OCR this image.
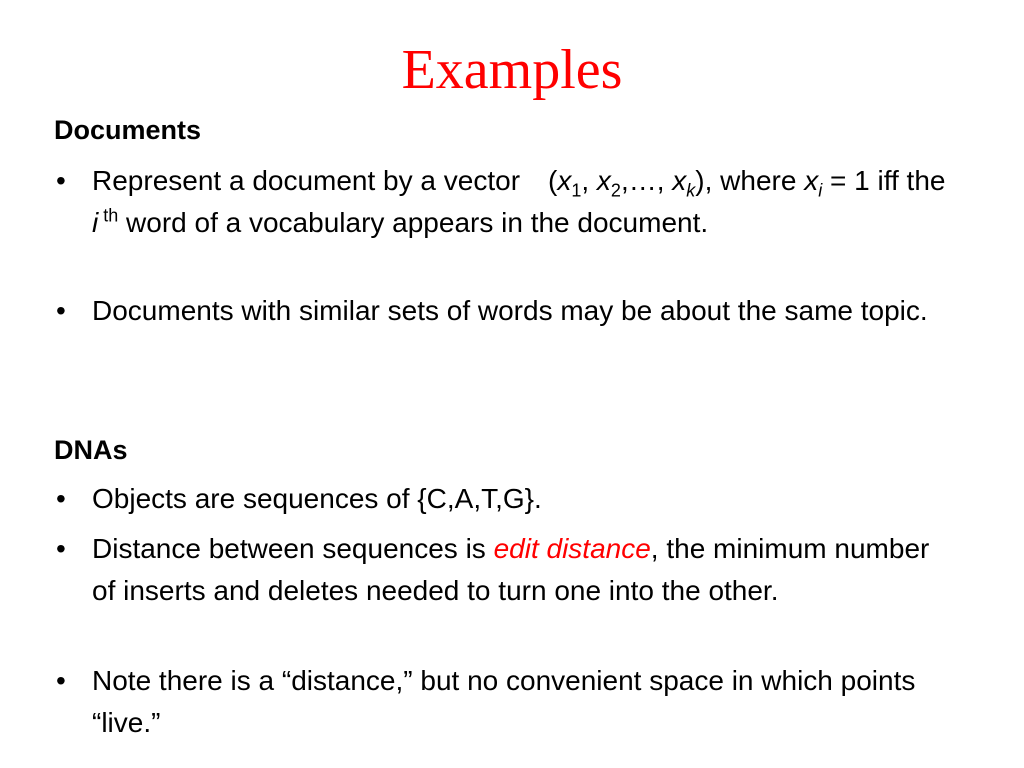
Examples
Documents
• Represent a document by a vector ($x_1$, $x_2,\dots$, $x_k$), where $x_i = 1$ iff the i $^{th}$ word of a vocabulary appears in the document.
• Documents with similar sets of words may be about the same topic.
DNAs
• Objects are sequences of {C,A,T,G}.
• Distance between sequences is edit distance, the minimum number of inserts and deletes needed to turn one into the other.
• Note there is a “distance,” but no convenient space in which points “live.”
